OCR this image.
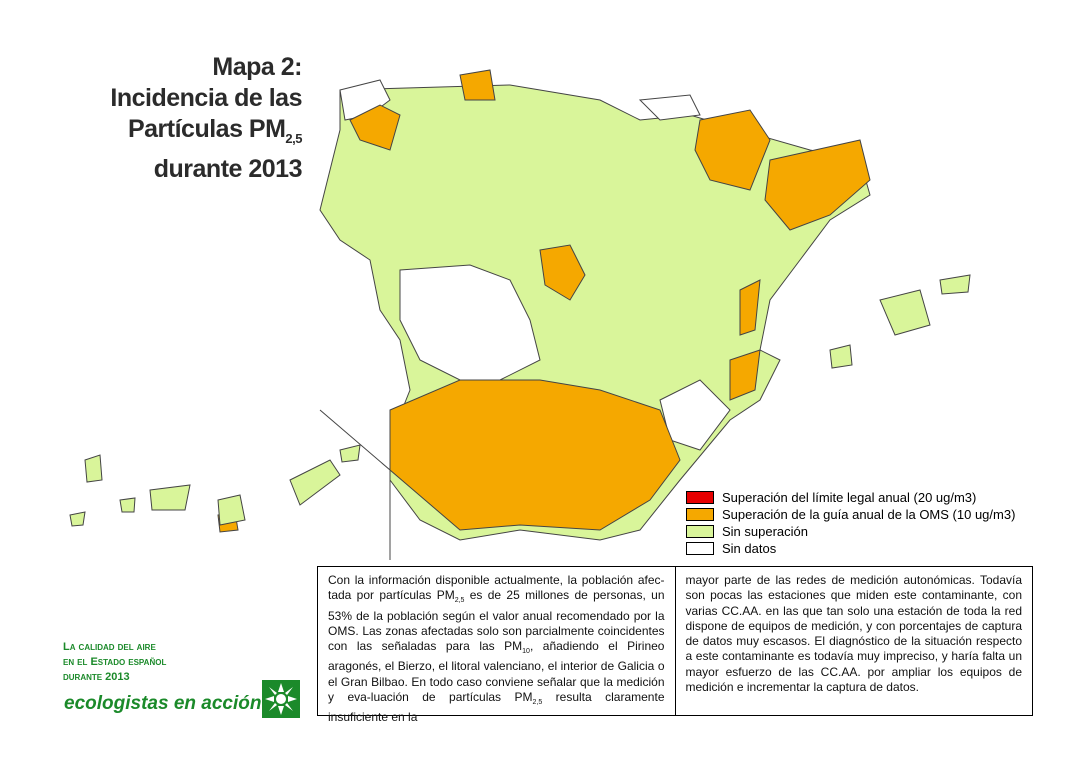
Mapa 2:
Incidencia de las
Partículas $PM_{2,5}$
durante 2013
Superación del límite legal anual (20 ug/m3)
Superación de la guía anual de la OMS (10 ug/m3)
Sin superación
Sin datos
Con la información disponible actualmente, la población afec-tada por partículas $PM_{2,5}$ es de 25 millones de personas, un 53% de la población según el valor anual recomendado por la OMS. Las zonas afectadas solo son parcialmente coincidentes con las señaladas para las $PM_{10}$, añadiendo el Pirineo aragonés, el Bierzo, el litoral valenciano, el interior de Galicia o el Gran Bilbao. En todo caso conviene señalar que la medición y eva-luación de partículas $PM_{2,5}$ resulta claramente insuficiente en la
mayor parte de las redes de medición autonómicas. Todavía son pocas las estaciones que miden este contaminante, con varias CC.AA. en las que tan solo una estación de toda la red dispone de equipos de medición, y con porcentajes de captura de datos muy escasos. El diagnóstico de la situación respecto a este contaminante es todavía muy impreciso, y haría falta un mayor esfuerzo de las CC.AA. por ampliar los equipos de medición e incrementar la captura de datos.
La calidad del aire
en el Estado español
durante 2013
ecologistas en acción
